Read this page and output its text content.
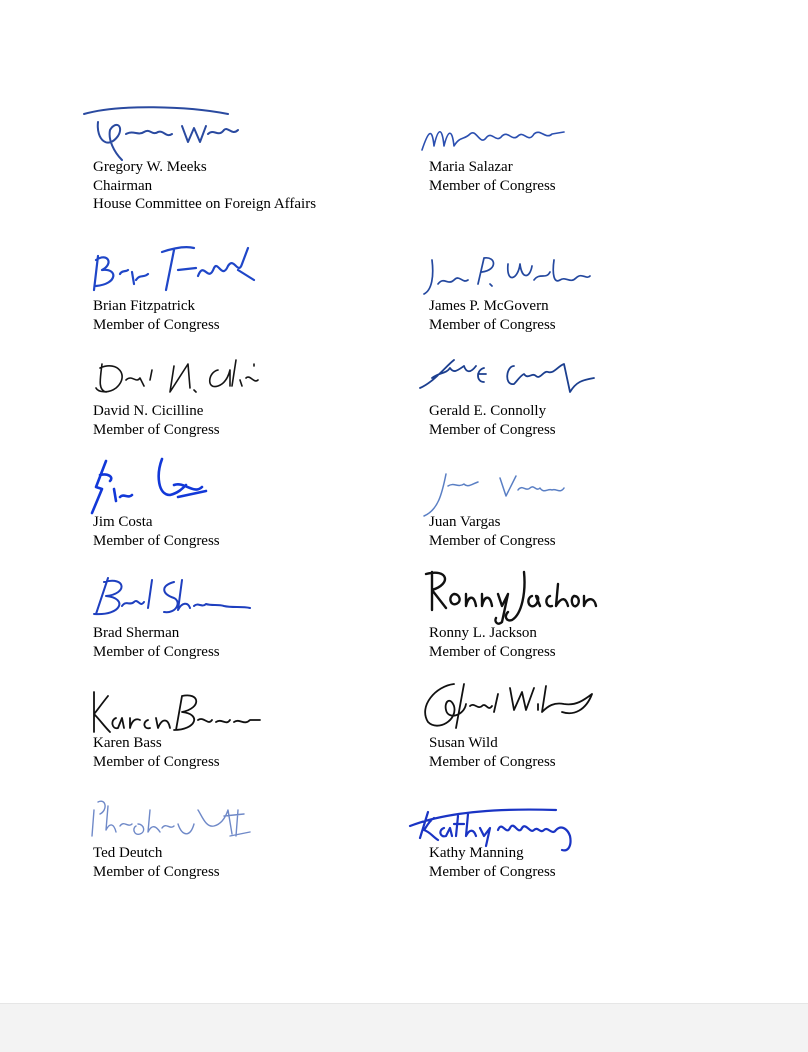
Gregory W. Meeks
Chairman
House Committee on Foreign Affairs
Maria Salazar
Member of Congress
Brian Fitzpatrick
Member of Congress
James P. McGovern
Member of Congress
David N. Cicilline
Member of Congress
Gerald E. Connolly
Member of Congress
Jim Costa
Member of Congress
Juan Vargas
Member of Congress
Brad Sherman
Member of Congress
Ronny L. Jackson
Member of Congress
Karen Bass
Member of Congress
Susan Wild
Member of Congress
Ted Deutch
Member of Congress
Kathy Manning
Member of Congress
